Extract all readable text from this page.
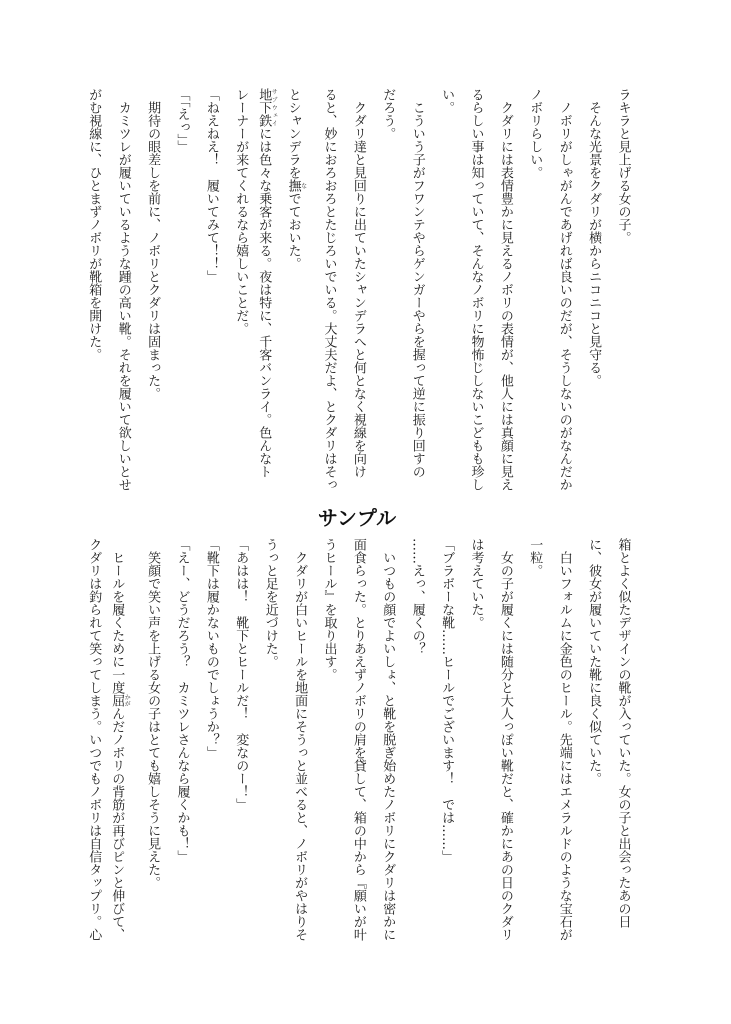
ラキラと見上げる女の子。
　そんな光景をクダリが横からニコニコと見守る。
　ノボリがしゃがんであげれば良いのだが、そうしないのがなんだか
ノボリらしい。
　クダリには表情豊かに見えるノボリの表情が、他人には真顔に見え
るらしい事は知っていて、そんなノボリに物怖じしないこどもも珍し
い。
　こういう子がフワンテやらゲンガーやらを握って逆に振り回すの
だろう。
　クダリ達と見回りに出ていたシャンデラへと何となく視線を向け
ると、妙におろおろとたじろいでいる。大丈夫だよ、とクダリはそっ
とシャンデラを撫 なでておいた。
地下鉄 サブウェイには色々な乗客が来る。夜は特に、千客バンライ。色んなト
レーナーが来てくれるなら嬉しいことだ。
「ねえねえ！　履いてみて！！」
「「えっ」」
　期待の眼差しを前に、ノボリとクダリは固まった。
　カミツレが履いているような踵の高い靴。それを履いて欲しいとせ
がむ視線に、ひとまずノボリが靴箱を開けた。
サンプル
箱とよく似たデザインの靴が入っていた。女の子と出会ったあの日
に、彼女が履いていた靴に良く似ていた。
　白いフォルムに金色のヒール。先端にはエメラルドのような宝石が
一粒。
　女の子が履くには随分と大人っぽい靴だと、確かにあの日のクダリ
は考えていた。
「ブラボーな靴……ヒールでございます！　では……」
……えっ、履くの？
　いつもの顔でよいしょ、と靴を脱ぎ始めたノボリにクダリは密かに
面食らった。とりあえずノボリの肩を貸して、箱の中から『願いが叶
うヒール』を取り出す。
　クダリが白いヒールを地面にそうっと並べると、ノボリがやはりそ
うっと足を近づけた。
「あはは！　靴下とヒールだ！　変なのー！」
「靴下は履かないものでしょうか？」
「えー、どうだろう？　カミツレさんなら履くかも！」
　笑顔で笑い声を上げる女の子はとても嬉しそうに見えた。
　ヒールを履くために一度屈 かがんだノボリの背筋が再びピンと伸びて、
クダリは釣られて笑ってしまう。いつでもノボリは自信タップリ。心
